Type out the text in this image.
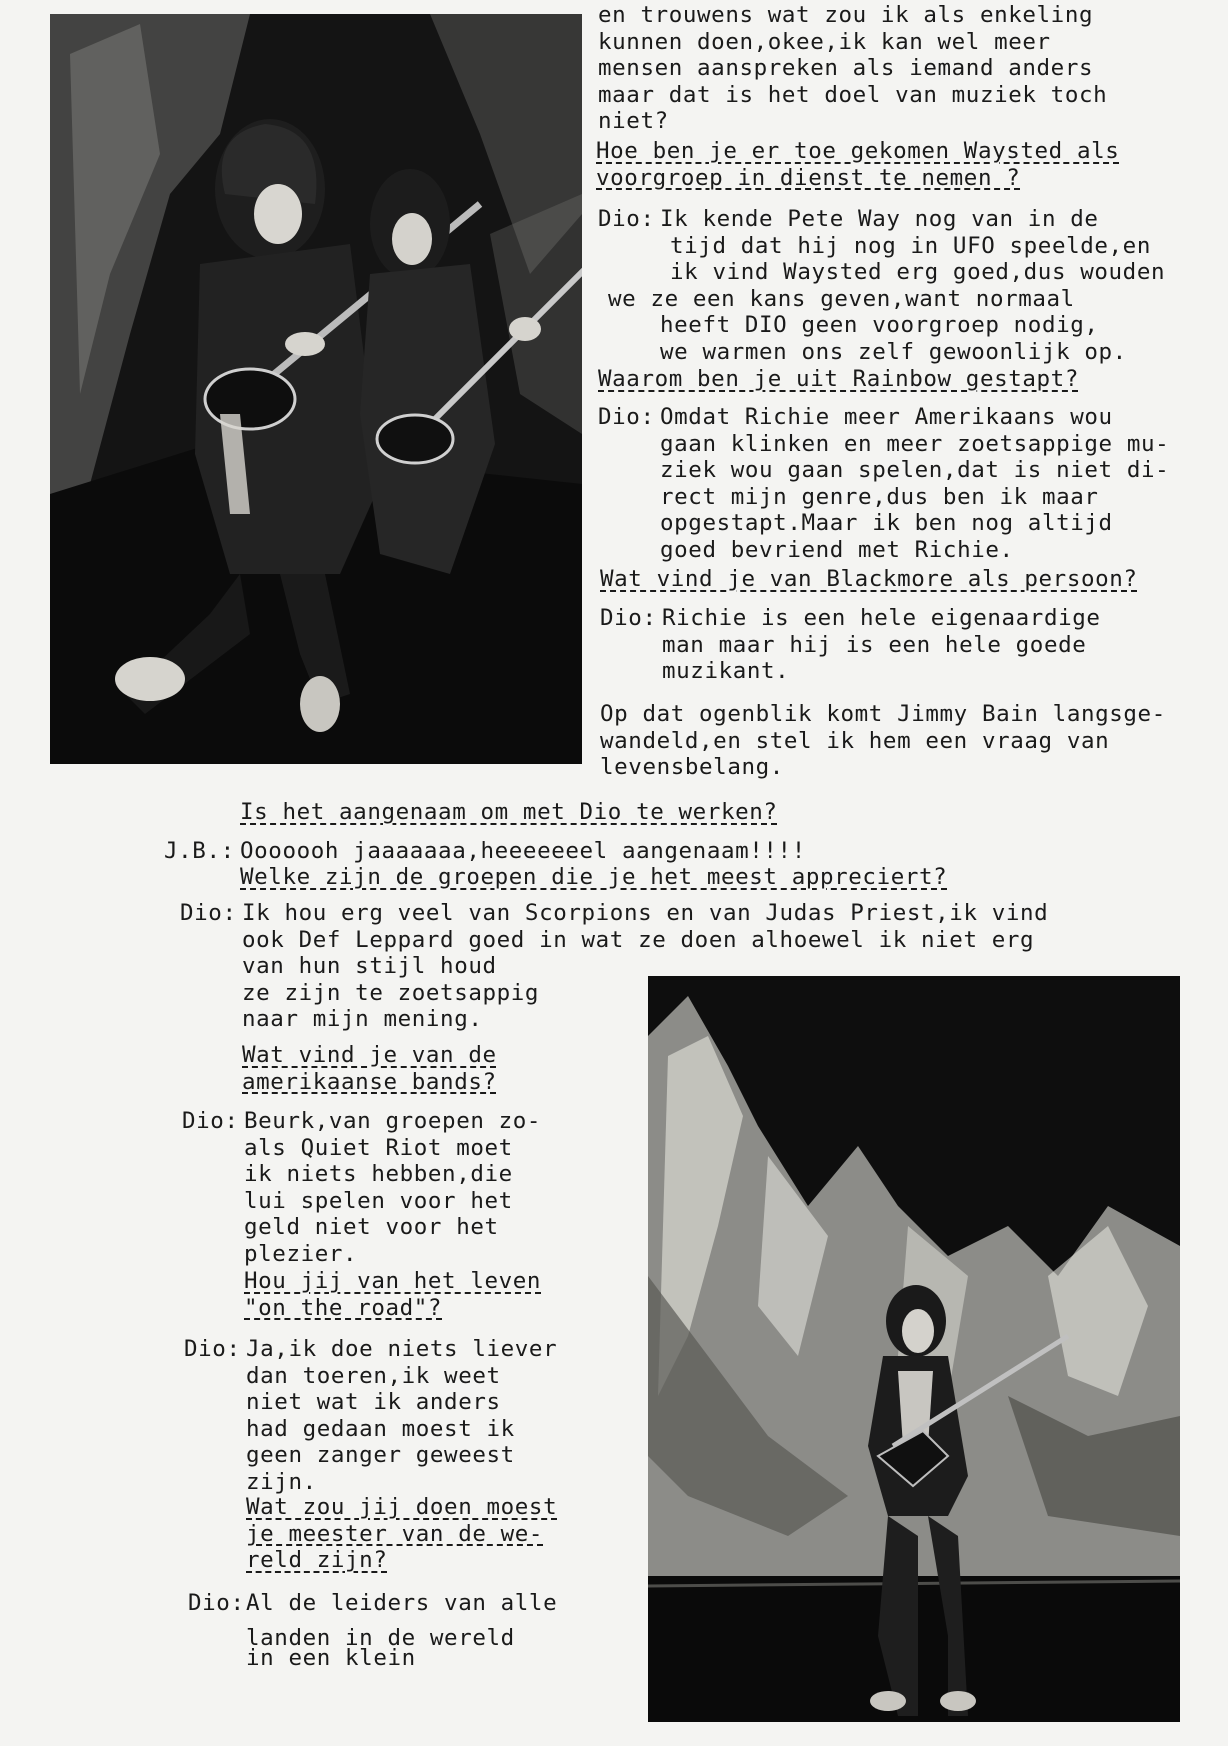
en trouwens wat zou ik als enkeling
kunnen doen,okee,ik kan wel meer
mensen aanspreken als iemand anders
maar dat is het doel van muziek toch
niet?
Hoe ben je er toe gekomen Waysted als
voorgroep in dienst te nemen ?
Dio: Ik kende Pete Way nog van in de
tijd dat hij nog in UFO speelde,en
ik vind Waysted erg goed,dus wouden
we ze een kans geven,want normaal
heeft DIO geen voorgroep nodig,
we warmen ons zelf gewoonlijk op.
Waarom ben je uit Rainbow gestapt?
Dio: Omdat Richie meer Amerikaans wou
gaan klinken en meer zoetsappige mu-
ziek wou gaan spelen,dat is niet di-
rect mijn genre,dus ben ik maar
opgestapt.Maar ik ben nog altijd
goed bevriend met Richie.
Wat vind je van Blackmore als persoon?
Dio: Richie is een hele eigenaardige
man maar hij is een hele goede
muzikant.
Op dat ogenblik komt Jimmy Bain langsge-
wandeld,en stel ik hem een vraag van
levensbelang.
Is het aangenaam om met Dio te werken?
J.B.: Ooooooh jaaaaaaa,heeeeeeel aangenaam!!!!
Welke zijn de groepen die je het meest appreciert?
Dio: Ik hou erg veel van Scorpions en van Judas Priest,ik vind
ook Def Leppard goed in wat ze doen alhoewel ik niet erg
van hun stijl houd
ze zijn te zoetsappig
naar mijn mening.
Wat vind je van de
amerikaanse bands?
Dio: Beurk,van groepen zo-
als Quiet Riot moet
ik niets hebben,die
lui spelen voor het
geld niet voor het
plezier.
Hou jij van het leven
"on the road"?
Dio: Ja,ik doe niets liever
dan toeren,ik weet
niet wat ik anders
had gedaan moest ik
geen zanger geweest
zijn.
Wat zou jij doen moest
je meester van de we-
reld zijn?
Dio: Al de leiders van alle
landen in de wereld
in een klein
